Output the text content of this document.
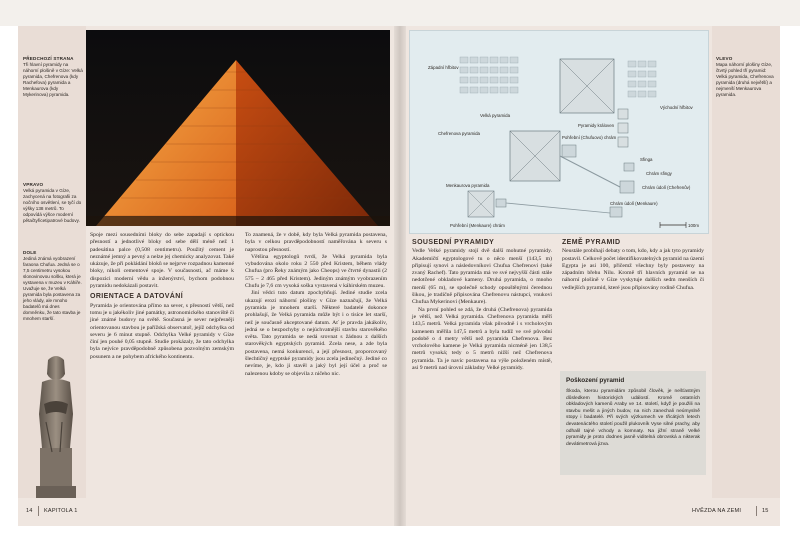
PŘEDCHOZÍ STRANA
Tři hlavní pyramidy na náhorní plošině v Gíze: Velká pyramida, Chefrenova (kdy Rachefova) pyramida a Menkaurova (kdy Mykerinova) pyramida.
VPRAVO
Velká pyramida v Gíze, zachycená na fotografii za nočního osvětlení, se tyčí do výšky 138 metrů. To odpovídá výšce moderní pětačtyřicetipatrové budovy.
DOLE
Jediná známá vyobrazení faraona Chufua. Jedná se o 7,5 centimetru vysokou slonovinovou sošku, která je vystavena v muzeu v Káhiře. Uvažuje se, že Velká pyramida byla postavena za jeho vlády, ale mnoho badatelů má dnes domněnku, že tato stavba je mnohem starší.

Spoje mezi sousedními bloky do sebe zapadají s optickou přesností a jednotlivé bloky od sebe dělí méně než 1 padesátina palce (0,508 centimetru). Použitý cement je neznámé jemný a pevný a nelze jej chemicky analyzovat. Také ukázuje, že při pokládání bloků se nejprve rozpadnou kamenné bloky, nikoli cementové spoje. V současnosti, ač máme k dispozici moderní vědu a inženýrství, bychom podobnou pyramidu nedokázali postavit.

ORIENTACE A DATOVÁNÍ

Pyramida je orientována přímo na sever, s přesností větší, než tomu je u jakékoliv jiné památky, astronomického stanoviště či jiné známé budovy na světě. Současná je sever nejpřesněji orientovanou stavbou je pařížská observatoř, jejíž odchylka od severu je 6 minut stupně. Odchylka Velké pyramidy v Gíze činí jen pouhé 0,05 stupně. Studie prokázaly, že tato odchylka byla nejvíce pravděpodobně způsobena pozvolným zemským posunem a ne pohybem afrického kontinentu.

To znamená, že v době, kdy byla Velká pyramida postavena, byla v celkou pravděpodobností naměřována k severu s naprostou přesností.

Většina egyptologů tvrdí, že Velká pyramida byla vybudována okolo roku 2 550 před Kristem, během vlády Chufua (pro Řeky známým jako Cheops) ve čtvrté dynastii (2 575 – 2 465 před Kristem). Jediným známým vyobrazením Chufu je 7,6 cm vysoká soška vystavená v káhirském muzeu.

Jiní vědci tuto datum zpochybňují. Jediné studie zcela ukazují erozi náhorní plošiny v Gíze naznačují, že Velká pyramida je mnohem starší. Některé badatelé dokonce prohlašují, že Velká pyramida může být i o tisíce let starší, než je současně akceptované datum. Ať je pravda jakákoliv, jedná se o bezpochyby o nejúchvatnější stavbu starověkého světa. Tato pyramida se nedá srovnat s žádnou z dalších starověkých egyptských pyramid. Zcela nese, a zde byla postavena, nemá konkurenci, a její přesnost, proporcovaný šlechtičný egyptské pyramidy jsou zcela jedinečný. Jediné co nevíme, je, kdo ji stavěl a jaký byl její účel a proč se nalezenou kdoby se objevila z ničeho nic.

Západní hřbitov
Velká pyramida
Pyramidy královen
Východní hřbitov
Chefrenova pyramida
Pohřební (Chufuovo) chrám
Sfinga
Chrám sfingy
Chrám údolí (Chefrenův)
Menkaurova pyramida
Chrám údolí (Menkaure)
Pohřební (Menkaure) chrám	100m
VLEVO
Mapa náhorní plošiny Gíze, čtvrtý pohled tří pyramid: Velká pyramida, Chefrenova pyramida (druhá největší) a nejmenší Menkaurova pyramida.
SOUSEDNÍ PYRAMIDY

Vedle Velké pyramidy stojí dvě další mohutné pyramidy. Akademičtí egyptologové tu o něco menší (143,5 m) připisují synovi a následovníkovi Chufua Chefrenovi (také zvaný Rachef). Tato pyramida má ve své nejvyšší části stále nedotčené obkladové kameny. Druhá pyramida, o mnoho menší (65 m), se společně schody opouštěnými čerednou šikou, je tradičně připisována Chefrenovu nástupci, vnukovi Chufua Mykerinovi (Menkaure).

Na první pohled se zdá, že druhá (Chefrenova) pyramida je větší, než Velká pyramida. Chefrenova pyramida měří 143,5 metrů. Velká pyramida však původně i s vrcholovým kamenem měřila 147,5 metrů a byla tudíž ve své původní podobě o 4 metry větší než pyramida Chefrenova. Bez vrcholového kamene je Velká pyramida nicméně jen 138,5 metrů vysoká; tedy o 5 metrů nižší než Chefrenova pyramida. Ta je navíc postavena na výše položeném místě, asi 9 metrů nad úrovní základny Velké pyramidy.

ZEMĚ PYRAMID

Neustále probíhají debaty o tom, kdo, kdy a jak tyto pyramidy postavil. Celkově počet identifikovatelných pyramid na území Egypta je asi 100, přičemž všechny byly postaveny na západním břehu Nilu. Kromě tří hlavních pyramid se na náhorní plošině v Gíze vyskytuje dalších sedm menších či vedlejších pyramid, které jsou připisovány rodině Chufua.

Poškození pyramid
Škoda, kterou pyramidám způsobil člověk, je nešťastným důsledkem historických událostí. Kromě ostatních obkladových kamenů Araby ve 14. století, když je použili na stavbu mešit a jiných budov, na nich zanechali neúmyslně stopy i badatelé. Při svých výzkumech ve třicátých letech devatenáctého století použil plukovník Vyse silné prachy, aby odhalil tajné vchody a komnaty. Na jižní straně Velké pyramidy je proto dodnes jasně viditelná obrovská a nikterak devátimetrová jizva.
14 KAPITOLA 1	HVĚZDA NA ZEMI	15
